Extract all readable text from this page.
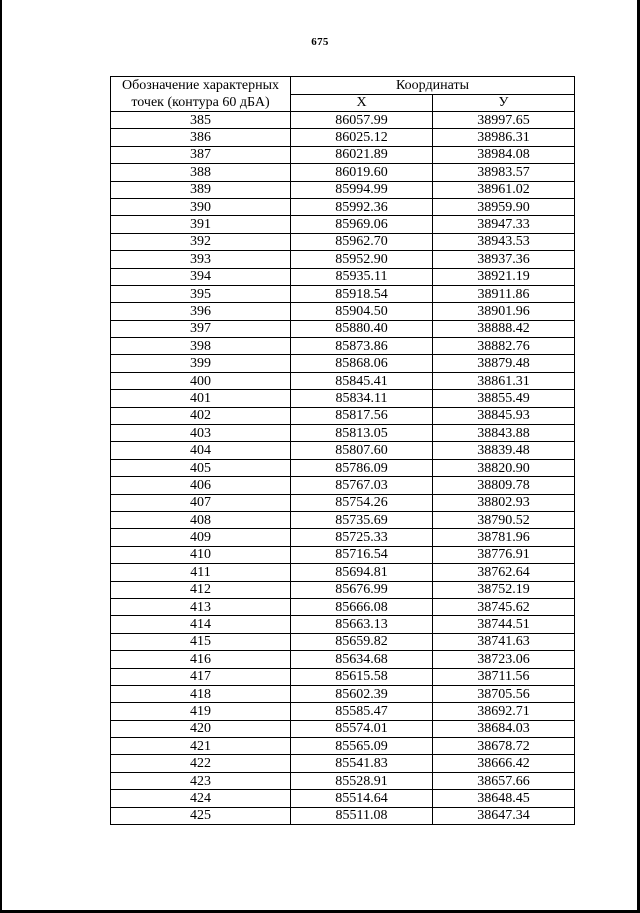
675
Обозначение характерных
точек (контура 60 дБА)	Координаты	
	Х	У
385	86057.99	38997.65
386	86025.12	38986.31
387	86021.89	38984.08
388	86019.60	38983.57
389	85994.99	38961.02
390	85992.36	38959.90
391	85969.06	38947.33
392	85962.70	38943.53
393	85952.90	38937.36
394	85935.11	38921.19
395	85918.54	38911.86
396	85904.50	38901.96
397	85880.40	38888.42
398	85873.86	38882.76
399	85868.06	38879.48
400	85845.41	38861.31
401	85834.11	38855.49
402	85817.56	38845.93
403	85813.05	38843.88
404	85807.60	38839.48
405	85786.09	38820.90
406	85767.03	38809.78
407	85754.26	38802.93
408	85735.69	38790.52
409	85725.33	38781.96
410	85716.54	38776.91
411	85694.81	38762.64
412	85676.99	38752.19
413	85666.08	38745.62
414	85663.13	38744.51
415	85659.82	38741.63
416	85634.68	38723.06
417	85615.58	38711.56
418	85602.39	38705.56
419	85585.47	38692.71
420	85574.01	38684.03
421	85565.09	38678.72
422	85541.83	38666.42
423	85528.91	38657.66
424	85514.64	38648.45
425	85511.08	38647.34
